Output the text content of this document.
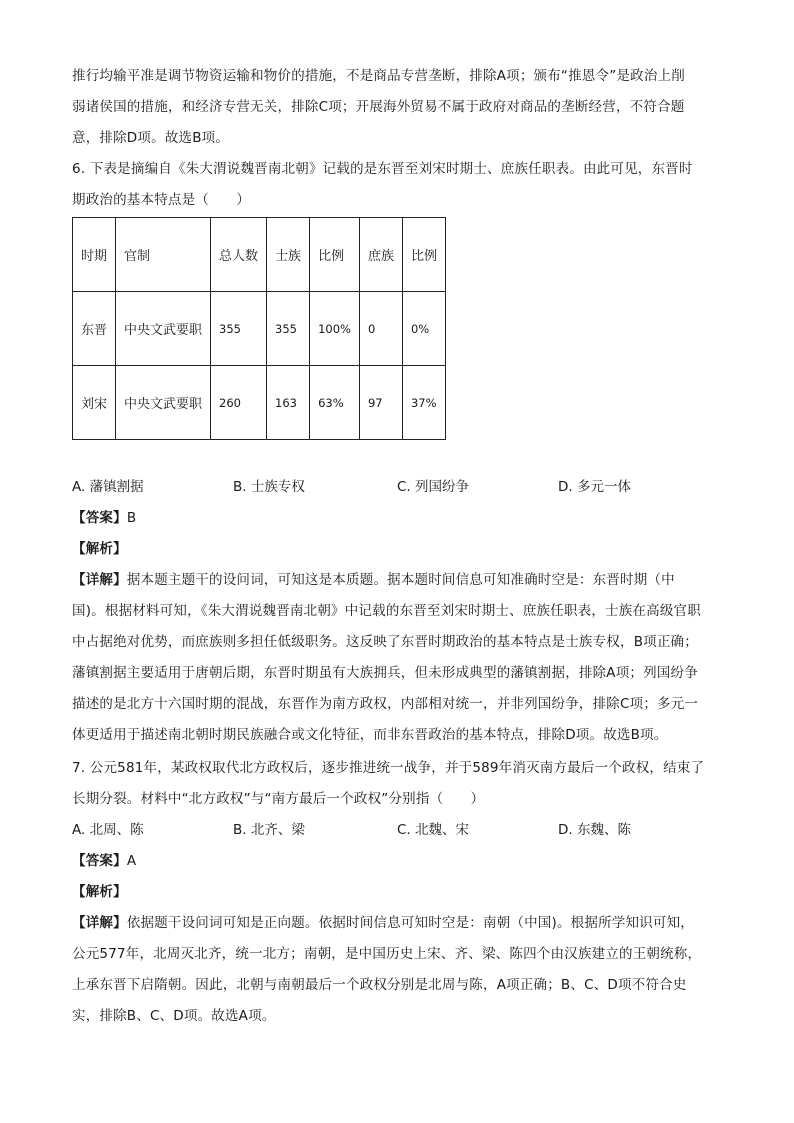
推行均输平准是调节物资运输和物价的措施，不是商品专营垄断，排除A项；颁布“推恩令”是政治上削
弱诸侯国的措施，和经济专营无关，排除C项；开展海外贸易不属于政府对商品的垄断经营，不符合题
意，排除D项。故选B项。
6. 下表是摘编自《朱大渭说魏晋南北朝》记载的是东晋至刘宋时期士、庶族任职表。由此可见，东晋时
期政治的基本特点是（　　）
时期	官制	总人数	士族	比例	庶族	比例
东晋	中央文武要职	355	355	100%	0	0%
刘宋	中央文武要职	260	163	63%	97	37%
A. 藩镇割据	B. 士族专权	C. 列国纷争	D. 多元一体
【答案】B
【解析】
【详解】据本题主题干的设问词，可知这是本质题。据本题时间信息可知准确时空是：东晋时期（中
国)。根据材料可知，《朱大渭说魏晋南北朝》中记载的东晋至刘宋时期士、庶族任职表，士族在高级官职
中占据绝对优势，而庶族则多担任低级职务。这反映了东晋时期政治的基本特点是士族专权，B项正确；
藩镇割据主要适用于唐朝后期，东晋时期虽有大族拥兵，但未形成典型的藩镇割据，排除A项；列国纷争
描述的是北方十六国时期的混战，东晋作为南方政权，内部相对统一，并非列国纷争，排除C项；多元一
体更适用于描述南北朝时期民族融合或文化特征，而非东晋政治的基本特点，排除D项。故选B项。
7. 公元581年，某政权取代北方政权后，逐步推进统一战争，并于589年消灭南方最后一个政权，结束了
长期分裂。材料中“北方政权”与“南方最后一个政权”分别指（　　）
A. 北周、陈	B. 北齐、梁	C. 北魏、宋	D. 东魏、陈
【答案】A
【解析】
【详解】依据题干设问词可知是正向题。依据时间信息可知时空是：南朝（中国)。根据所学知识可知，
公元577年，北周灭北齐，统一北方；南朝，是中国历史上宋、齐、梁、陈四个由汉族建立的王朝统称，
上承东晋下启隋朝。因此，北朝与南朝最后一个政权分别是北周与陈，A项正确；B、C、D项不符合史
实，排除B、C、D项。故选A项。
